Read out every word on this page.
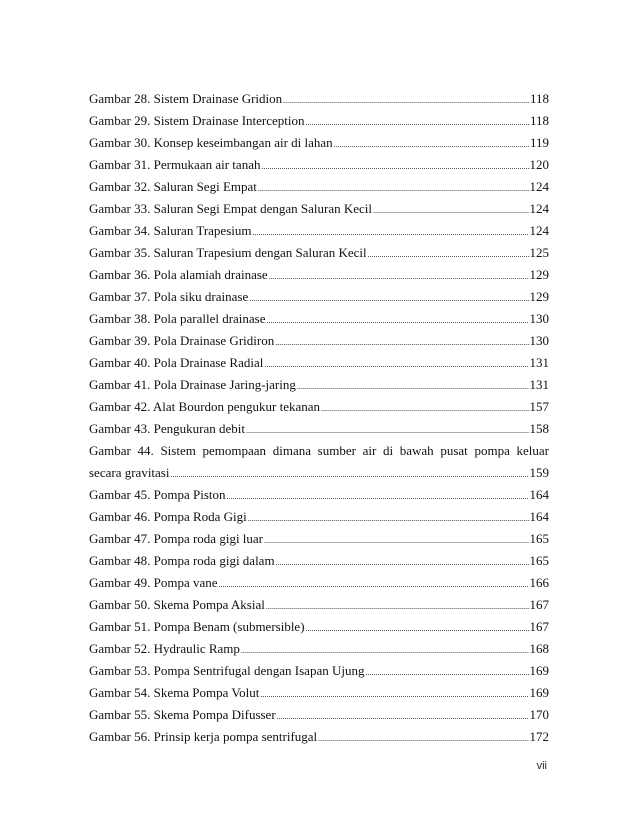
Gambar 28. Sistem Drainase Gridion .....	118
Gambar 29. Sistem Drainase Interception .....	118
Gambar 30. Konsep keseimbangan air di lahan .....	119
Gambar 31. Permukaan air tanah .....	120
Gambar 32. Saluran Segi Empat .....	124
Gambar 33. Saluran Segi Empat dengan Saluran Kecil .....	124
Gambar 34. Saluran Trapesium .....	124
Gambar 35. Saluran Trapesium dengan Saluran Kecil .....	125
Gambar 36. Pola alamiah drainase .....	129
Gambar 37. Pola siku drainase .....	129
Gambar 38. Pola parallel drainase .....	130
Gambar 39. Pola Drainase Gridiron .....	130
Gambar 40. Pola Drainase Radial .....	131
Gambar 41. Pola Drainase Jaring-jaring .....	131
Gambar 42. Alat Bourdon pengukur tekanan .....	157
Gambar 43. Pengukuran debit .....	158
Gambar 44. Sistem pemompaan dimana sumber air di bawah pusat pompa keluar
secara gravitasi .....	159
Gambar 45. Pompa Piston .....	164
Gambar 46. Pompa Roda Gigi .....	164
Gambar 47. Pompa roda gigi luar .....	165
Gambar 48. Pompa roda gigi dalam .....	165
Gambar 49. Pompa vane .....	166
Gambar 50. Skema Pompa Aksial .....	167
Gambar 51. Pompa Benam (submersible) .....	167
Gambar 52. Hydraulic Ramp .....	168
Gambar 53. Pompa Sentrifugal dengan Isapan Ujung .....	169
Gambar 54. Skema Pompa Volut .....	169
Gambar 55. Skema Pompa Difusser .....	170
Gambar 56. Prinsip kerja pompa sentrifugal .....	172
vii
